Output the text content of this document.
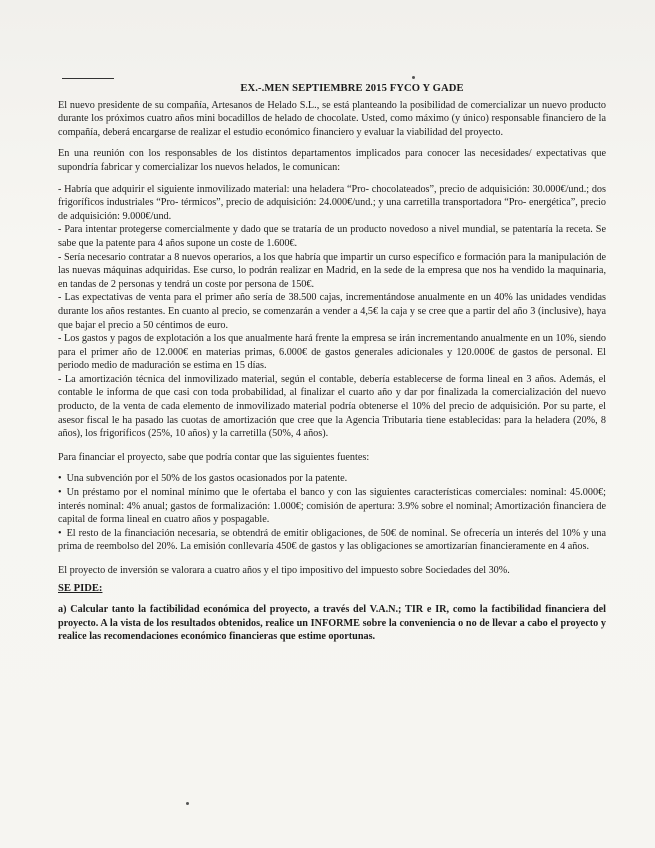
EX.-.MEN SEPTIEMBRE 2015 FYCO Y GADE

El nuevo presidente de su compañía, Artesanos de Helado S.L., se está planteando la posibilidad de comercializar un nuevo producto durante los próximos cuatro años mini bocadillos de helado de chocolate. Usted, como máximo (y único) responsable financiero de la compañía, deberá encargarse de realizar el estudio económico financiero y evaluar la viabilidad del proyecto.

En una reunión con los responsables de los distintos departamentos implicados para conocer las necesidades/ expectativas que supondría fabricar y comercializar los nuevos helados, le comunican:

- Habría que adquirir el siguiente inmovilizado material: una heladera “Pro- chocolateados”, precio de adquisición: 30.000€/und.; dos frigoríficos industriales “Pro- térmicos”, precio de adquisición: 24.000€/und.; y una carretilla transportadora “Pro- energética”, precio de adquisición: 9.000€/und.

- Para intentar protegerse comercialmente y dado que se trataría de un producto novedoso a nivel mundial, se patentaría la receta. Se sabe que la patente para 4 años supone un coste de 1.600€.

- Sería necesario contratar a 8 nuevos operarios, a los que habría que impartir un curso específico e formación para la manipulación de las nuevas máquinas adquiridas. Ese curso, lo podrán realizar en Madrid, en la sede de la empresa que nos ha vendido la maquinaria, en tandas de 2 personas y tendrá un coste por persona de 150€.

- Las expectativas de venta para el primer año sería de 38.500 cajas, incrementándose anualmente en un 40% las unidades vendidas durante los años restantes. En cuanto al precio, se comenzarán a vender a 4,5€ la caja y se cree que a partir del año 3 (inclusive), haya que bajar el precio a 50 céntimos de euro.

- Los gastos y pagos de explotación a los que anualmente hará frente la empresa se irán incrementando anualmente en un 10%, siendo para el primer año de 12.000€ en materias primas, 6.000€ de gastos generales adicionales y 120.000€ de gastos de personal. El periodo medio de maduración se estima en 15 días.

- La amortización técnica del inmovilizado material, según el contable, debería establecerse de forma lineal en 3 años. Además, el contable le informa de que casi con toda probabilidad, al finalizar el cuarto año y dar por finalizada la comercialización del nuevo producto, de la venta de cada elemento de inmovilizado material podría obtenerse el 10% del precio de adquisición. Por su parte, el asesor fiscal le ha pasado las cuotas de amortización que cree que la Agencia Tributaria tiene establecidas: para la heladera (20%, 8 años), los frigoríficos (25%, 10 años) y la carretilla (50%, 4 años).

Para financiar el proyecto, sabe que podría contar que las siguientes fuentes:

• Una subvención por el 50% de los gastos ocasionados por la patente.

• Un préstamo por el nominal mínimo que le ofertaba el banco y con las siguientes características comerciales: nominal: 45.000€; interés nominal: 4% anual; gastos de formalización: 1.000€; comisión de apertura: 3.9% sobre el nominal; Amortización financiera de capital de forma lineal en cuatro años y pospagable.

• El resto de la financiación necesaria, se obtendrá de emitir obligaciones, de 50€ de nominal. Se ofrecería un interés del 10% y una prima de reembolso del 20%. La emisión conllevaría 450€ de gastos y las obligaciones se amortizarían financieramente en 4 años.

El proyecto de inversión se valorara a cuatro años y el tipo impositivo del impuesto sobre Sociedades del 30%.

SE PIDE:

a) Calcular tanto la factibilidad económica del proyecto, a través del V.A.N.; TIR e IR, como la factibilidad financiera del proyecto. A la vista de los resultados obtenidos, realice un INFORME sobre la conveniencia o no de llevar a cabo el proyecto y realice las recomendaciones económico financieras que estime oportunas.
